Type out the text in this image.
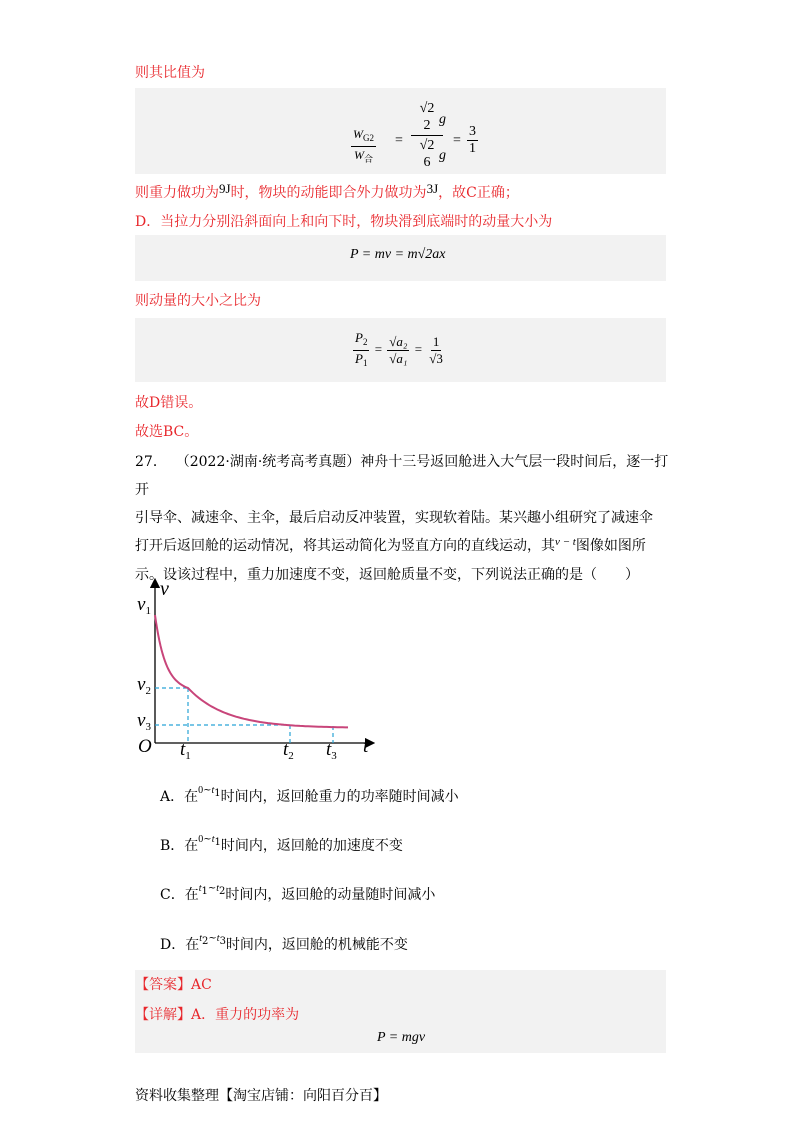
则其比值为
$\frac{W_{G2}}{W_合}$ =
√2
2
√2
6
g
g
= $\frac{3}{1}$
则重力做功为9J时，物块的动能即合外力做功为3J，故C正确；
D．当拉力分别沿斜面向上和向下时，物块滑到底端时的动量大小为
P = mv = m√2ax
则动量的大小之比为
$\frac{P_2}{P_1} = \frac{\text{√a₂}}{\text{√a₁}} = \frac{1}{√3}$
故D错误。
故选BC。
27． （2022·湖南·统考高考真题）神舟十三号返回舱进入大气层一段时间后，逐一打开
引导伞、减速伞、主伞，最后启动反冲装置，实现软着陆。某兴趣小组研究了减速伞
打开后返回舱的运动情况，将其运动简化为竖直方向的直线运动，其$^{v - t}$图像如图所
示。设该过程中，重力加速度不变，返回舱质量不变，下列说法正确的是（　　）
v
$v_1$
$v_2$
$v_3$
O $t_1$	$t_2$ $t_3$ t
A．在$^{0\sim t1}$时间内，返回舱重力的功率随时间减小
B．在$^{0\sim t1}$时间内，返回舱的加速度不变
C．在$^{t1\sim t2}$时间内，返回舱的动量随时间减小
D．在$^{t2\sim t3}$时间内，返回舱的机械能不变
【答案】AC
【详解】A．重力的功率为
P = mgv
资料收集整理【淘宝店铺：向阳百分百】
